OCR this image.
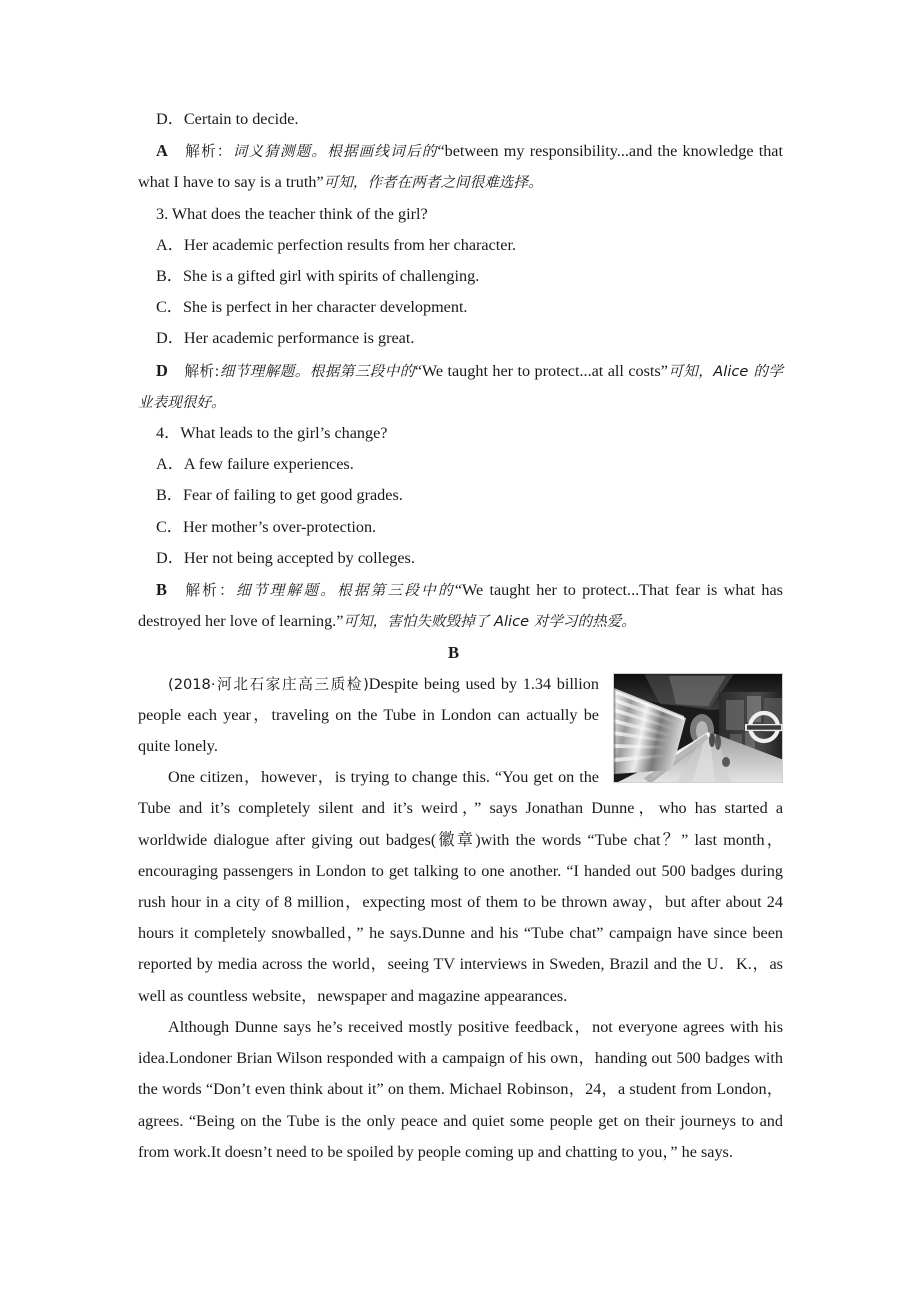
D．Certain to decide.

A 解析：词义猜测题。根据画线词后的“between my responsibility...and the knowledge that what I have to say is a truth”可知，作者在两者之间很难选择。

3. What does the teacher think of the girl?

A．Her academic perfection results from her character.

B．She is a gifted girl with spirits of challenging.

C．She is perfect in her character development.

D．Her academic performance is great.

D 解析:细节理解题。根据第三段中的“We taught her to protect...at all costs”可知，Alice 的学业表现很好。

4．What leads to the girl’s change?

A．A few failure experiences.

B．Fear of failing to get good grades.

C．Her mother’s over-protection.

D．Her not being accepted by colleges.

B 解析：细节理解题。根据第三段中的“We taught her to protect...That fear is what has destroyed her love of learning.”可知，害怕失败毁掉了 Alice 对学习的热爱。

B

(2018·河北石家庄高三质检)Despite being used by 1.34 billion people each year，traveling on the Tube in London can actually be quite lonely.

One citizen，however，is trying to change this. “You get on the Tube and it’s completely silent and it’s weird，” says Jonathan Dunne，who has started a worldwide dialogue after giving out badges(徽章)with the words “Tube chat？” last month，encouraging passengers in London to get talking to one another. “I handed out 500 badges during rush hour in a city of 8 million，expecting most of them to be thrown away，but after about 24 hours it completely snowballed，” he says.Dunne and his “Tube chat” campaign have since been reported by media across the world，seeing TV interviews in Sweden, Brazil and the U．K.，as well as countless website，newspaper and magazine appearances.

Although Dunne says he’s received mostly positive feedback，not everyone agrees with his idea.Londoner Brian Wilson responded with a campaign of his own，handing out 500 badges with the words “Don’t even think about it” on them. Michael Robinson，24，a student from London，agrees. “Being on the Tube is the only peace and quiet some people get on their journeys to and from work.It doesn’t need to be spoiled by people coming up and chatting to you，” he says.
